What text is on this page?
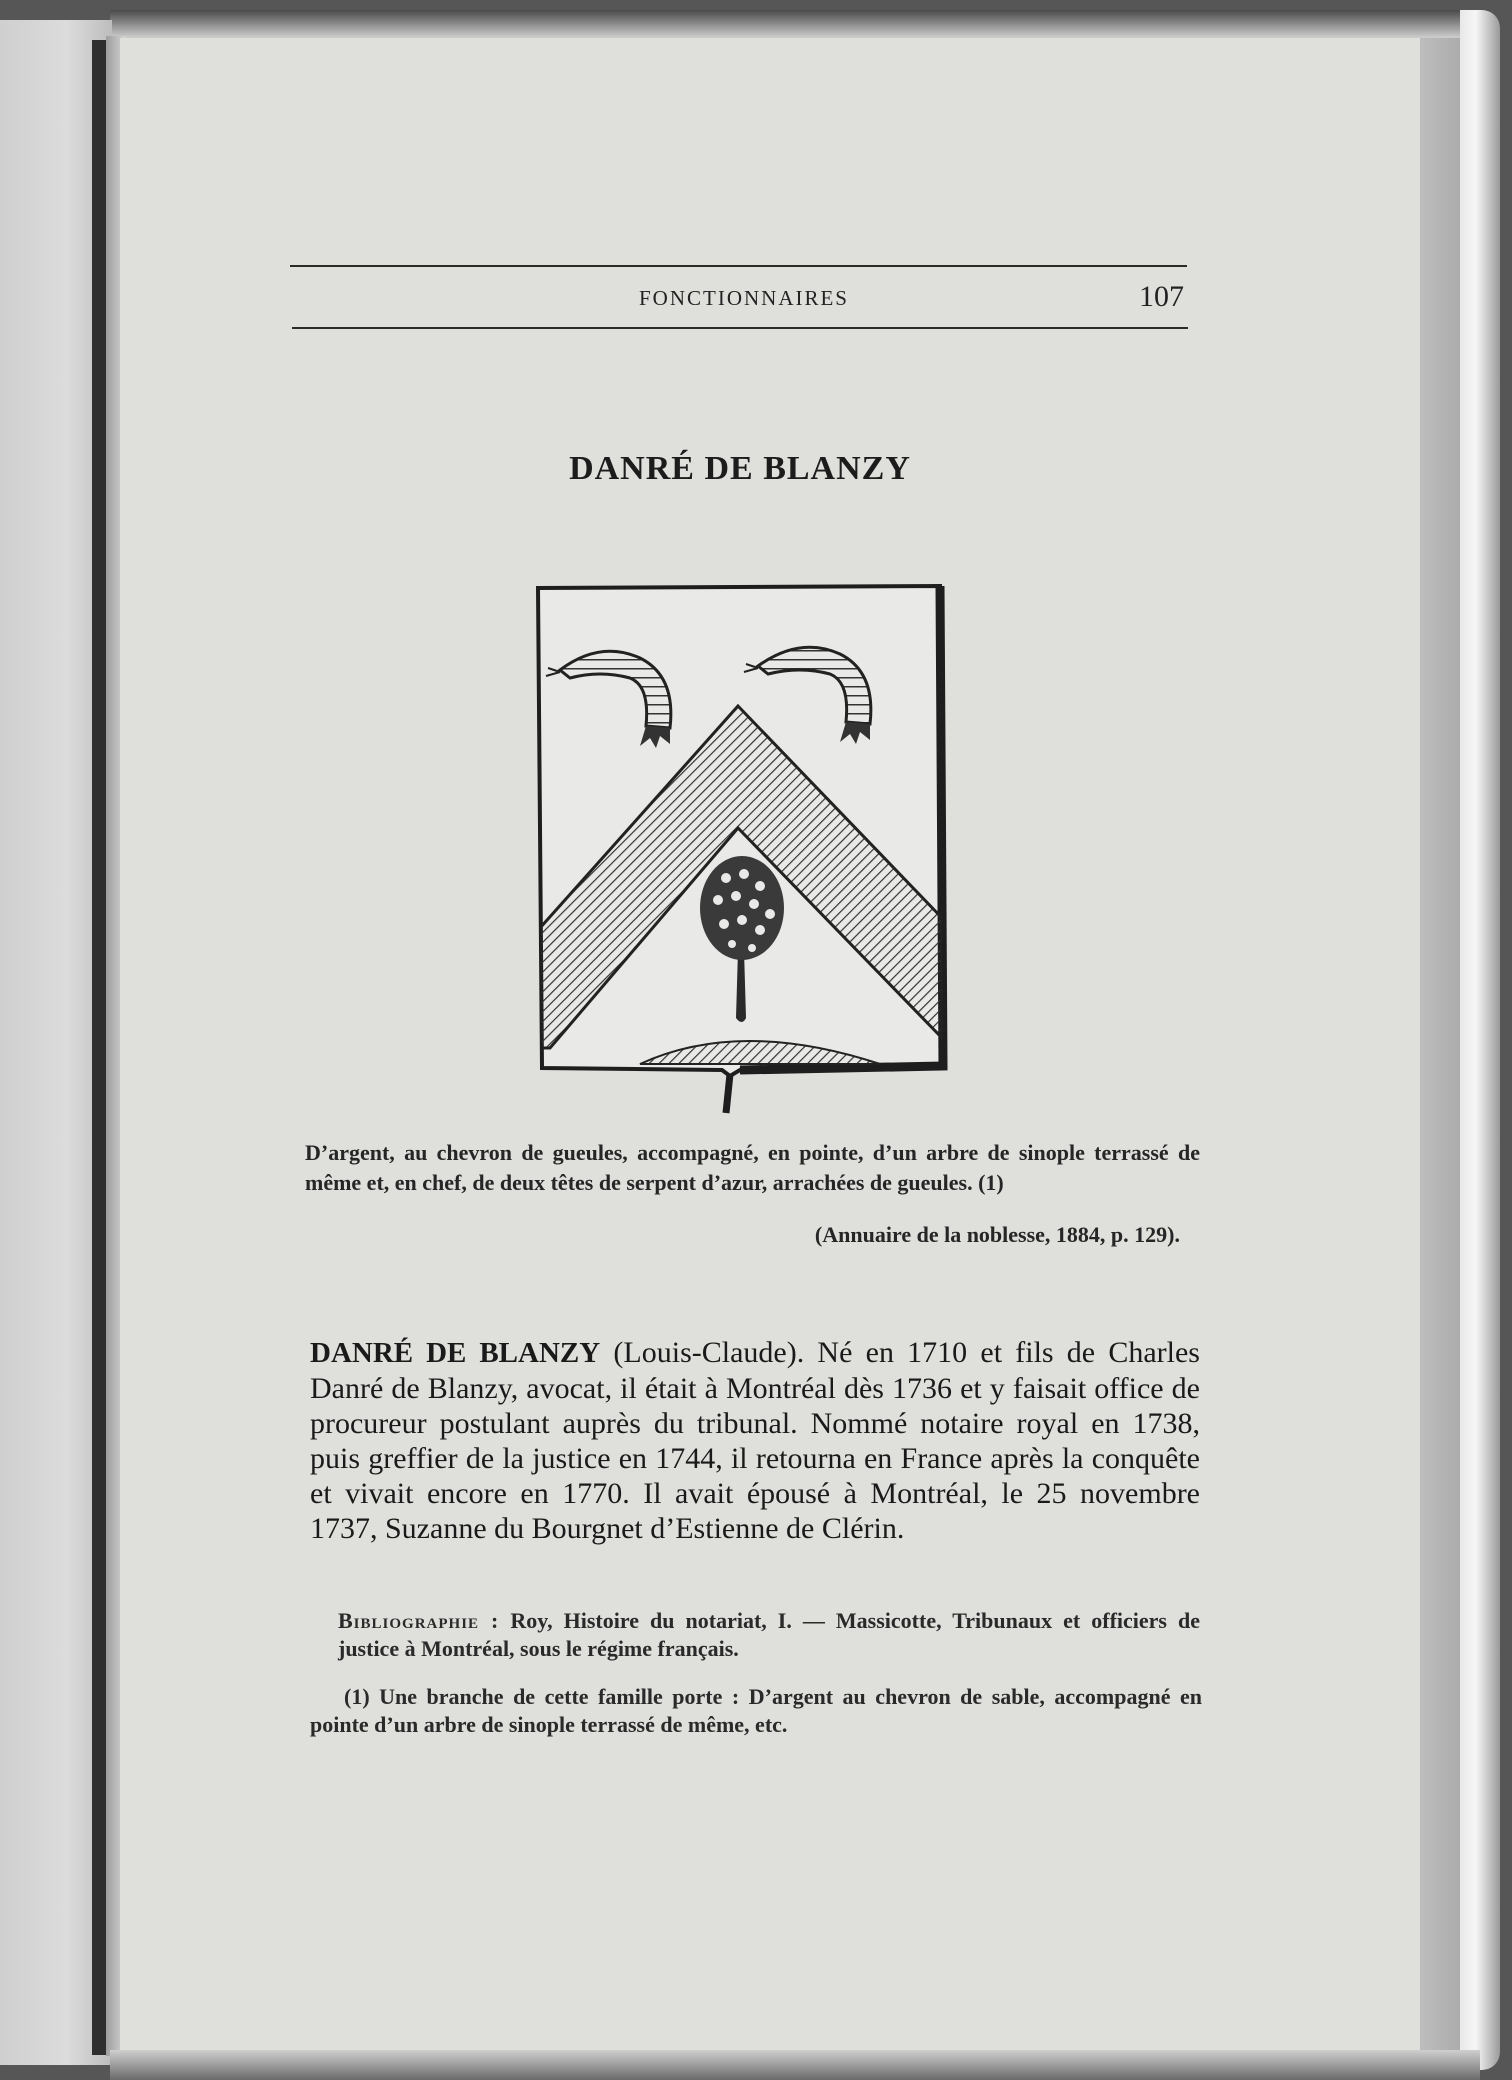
FONCTIONNAIRES	107
DANRÉ DE BLANZY

D’argent, au chevron de gueules, accompagné, en pointe, d’un arbre de sinople terrassé de même et, en chef, de deux têtes de serpent d’azur, arrachées de gueules. (1)

(Annuaire de la noblesse, 1884, p. 129).

DANRÉ DE BLANZY (Louis-Claude). Né en 1710 et fils de Charles Danré de Blanzy, avocat, il était à Montréal dès 1736 et y faisait office de procureur postulant auprès du tribunal. Nommé notaire royal en 1738, puis greffier de la justice en 1744, il retourna en France après la conquête et vivait encore en 1770. Il avait épousé à Montréal, le 25 novembre 1737, Suzanne du Bourgnet d’Estienne de Clérin.

Bibliographie : Roy, Histoire du notariat, I. — Massicotte, Tribunaux et officiers de justice à Montréal, sous le régime français.

(1) Une branche de cette famille porte : D’argent au chevron de sable, accompagné en pointe d’un arbre de sinople terrassé de même, etc.
